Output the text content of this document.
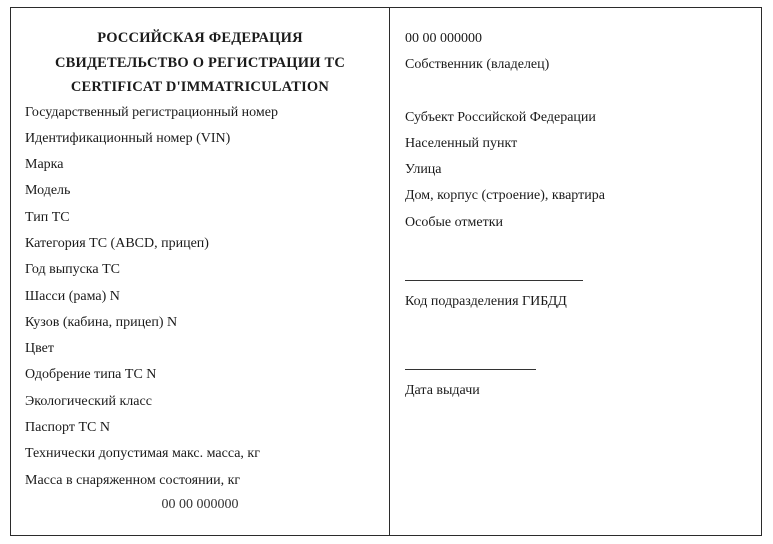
РОССИЙСКАЯ ФЕДЕРАЦИЯ
СВИДЕТЕЛЬСТВО О РЕГИСТРАЦИИ ТС
CERTIFICAT D'IMMATRICULATION
Государственный регистрационный номер
Идентификационный номер (VIN)
Марка
Модель
Тип ТС
Категория ТС (ABCD, прицеп)
Год выпуска ТС
Шасси (рама) N
Кузов (кабина, прицеп) N
Цвет
Одобрение типа ТС N
Экологический класс
Паспорт ТС N
Технически допустимая макс. масса, кг
Масса в снаряженном состоянии, кг
00 00 000000
00 00 000000
Собственник (владелец)
Субъект Российской Федерации
Населенный пункт
Улица
Дом, корпус (строение), квартира
Особые отметки
Код подразделения ГИБДД
Дата выдачи
